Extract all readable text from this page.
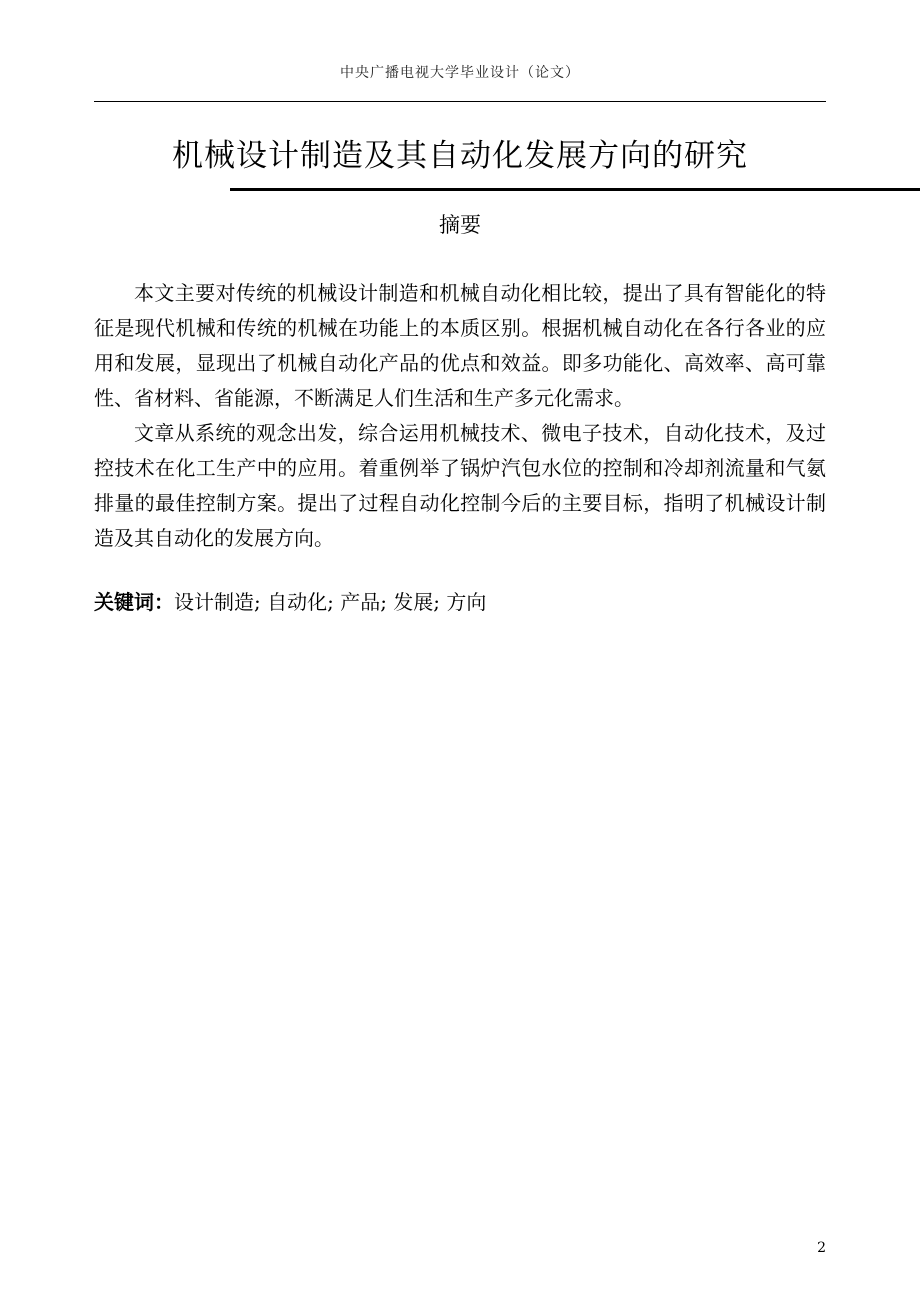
中央广播电视大学毕业设计（论文）
机械设计制造及其自动化发展方向的研究
摘要

本文主要对传统的机械设计制造和机械自动化相比较，提出了具有智能化的特征是现代机械和传统的机械在功能上的本质区别。根据机械自动化在各行各业的应用和发展，显现出了机械自动化产品的优点和效益。即多功能化、高效率、高可靠性、省材料、省能源，不断满足人们生活和生产多元化需求。

文章从系统的观念出发，综合运用机械技术、微电子技术，自动化技术，及过控技术在化工生产中的应用。着重例举了锅炉汽包水位的控制和冷却剂流量和气氨排量的最佳控制方案。提出了过程自动化控制今后的主要目标，指明了机械设计制造及其自动化的发展方向。

关键词：设计制造; 自动化; 产品; 发展; 方向
2
